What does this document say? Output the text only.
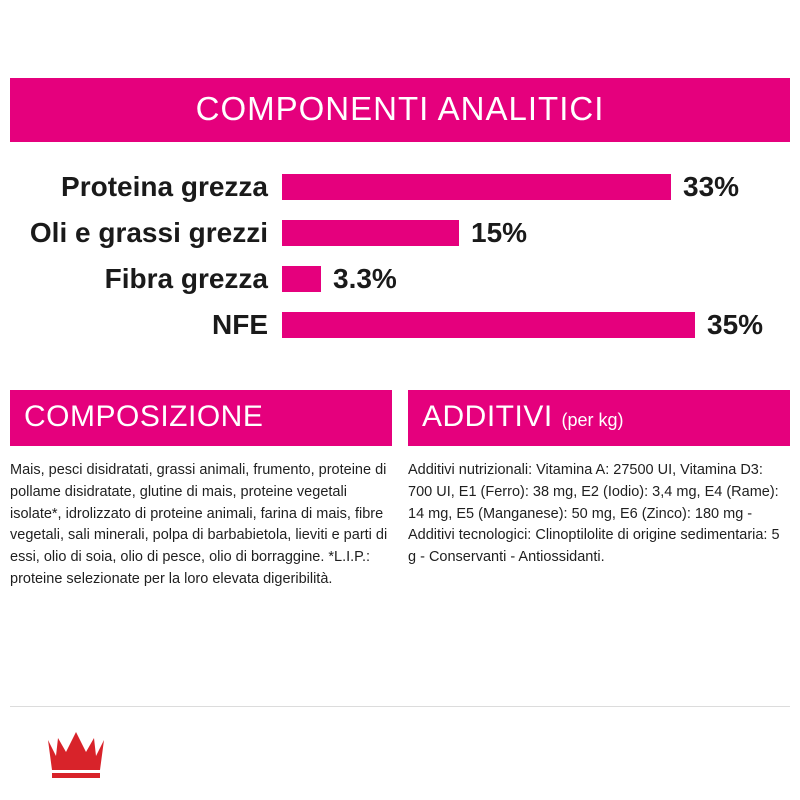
COMPONENTI ANALITICI
Proteina grezza	33%
Oli e grassi grezzi	15%
Fibra grezza	3.3%
NFE	35%
COMPOSIZIONE
Mais, pesci disidratati, grassi animali, frumento, proteine di pollame disidratate, glutine di mais, proteine vegetali isolate*, idrolizzato di proteine animali, farina di mais, fibre vegetali, sali minerali, polpa di barbabietola, lieviti e parti di essi, olio di soia, olio di pesce, olio di borraggine. *L.I.P.: proteine selezionate per la loro elevata digeribilità.
ADDITIVI (per kg)
Additivi nutrizionali: Vitamina A: 27500 UI, Vitamina D3: 700 UI, E1 (Ferro): 38 mg, E2 (Iodio): 3,4 mg, E4 (Rame): 14 mg, E5 (Manganese): 50 mg, E6 (Zinco): 180 mg - Additivi tecnologici: Clinoptilolite di origine sedimentaria: 5 g - Conservanti - Antiossidanti.
